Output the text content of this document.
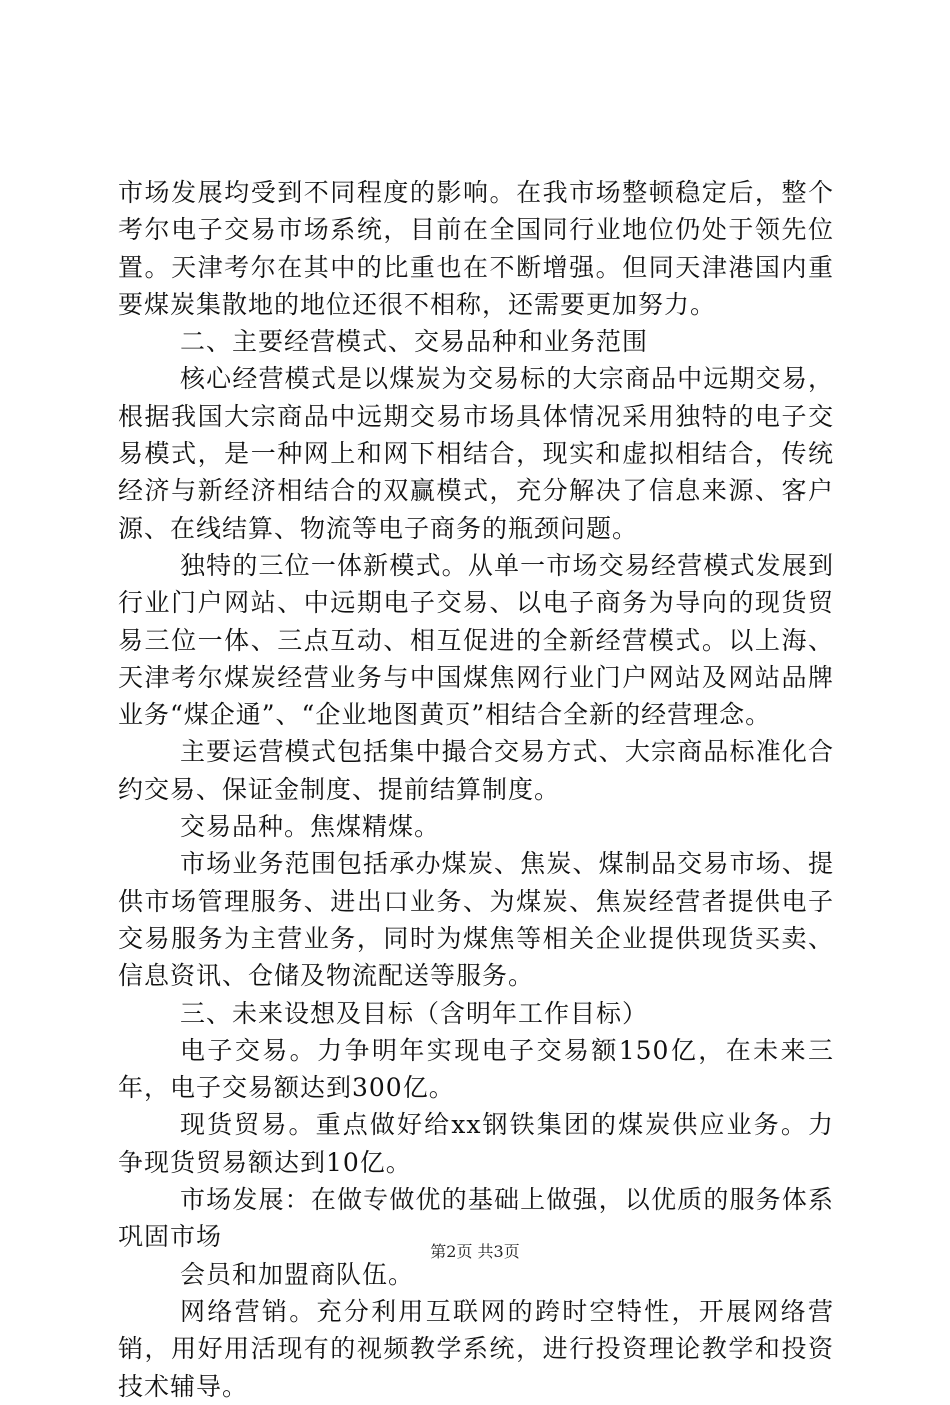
市场发展均受到不同程度的影响。在我市场整顿稳定后，整个考尔电子交易市场系统，目前在全国同行业地位仍处于领先位置。天津考尔在其中的比重也在不断增强。但同天津港国内重要煤炭集散地的地位还很不相称，还需要更加努力。

二、主要经营模式、交易品种和业务范围

核心经营模式是以煤炭为交易标的大宗商品中远期交易，根据我国大宗商品中远期交易市场具体情况采用独特的电子交易模式，是一种网上和网下相结合，现实和虚拟相结合，传统经济与新经济相结合的双赢模式，充分解决了信息来源、客户源、在线结算、物流等电子商务的瓶颈问题。

独特的三位一体新模式。从单一市场交易经营模式发展到行业门户网站、中远期电子交易、以电子商务为导向的现货贸易三位一体、三点互动、相互促进的全新经营模式。以上海、天津考尔煤炭经营业务与中国煤焦网行业门户网站及网站品牌业务“煤企通”、“企业地图黄页”相结合全新的经营理念。

主要运营模式包括集中撮合交易方式、大宗商品标准化合约交易、保证金制度、提前结算制度。

交易品种。焦煤精煤。

市场业务范围包括承办煤炭、焦炭、煤制品交易市场、提供市场管理服务、进出口业务、为煤炭、焦炭经营者提供电子交易服务为主营业务，同时为煤焦等相关企业提供现货买卖、信息资讯、仓储及物流配送等服务。

三、未来设想及目标（含明年工作目标）

电子交易。力争明年实现电子交易额150亿，在未来三年，电子交易额达到300亿。

现货贸易。重点做好给xx钢铁集团的煤炭供应业务。力争现货贸易额达到10亿。

市场发展：在做专做优的基础上做强，以优质的服务体系巩固市场

会员和加盟商队伍。

网络营销。充分利用互联网的跨时空特性，开展网络营销，用好用活现有的视频教学系统，进行投资理论教学和投资技术辅导。

第2页 共3页
